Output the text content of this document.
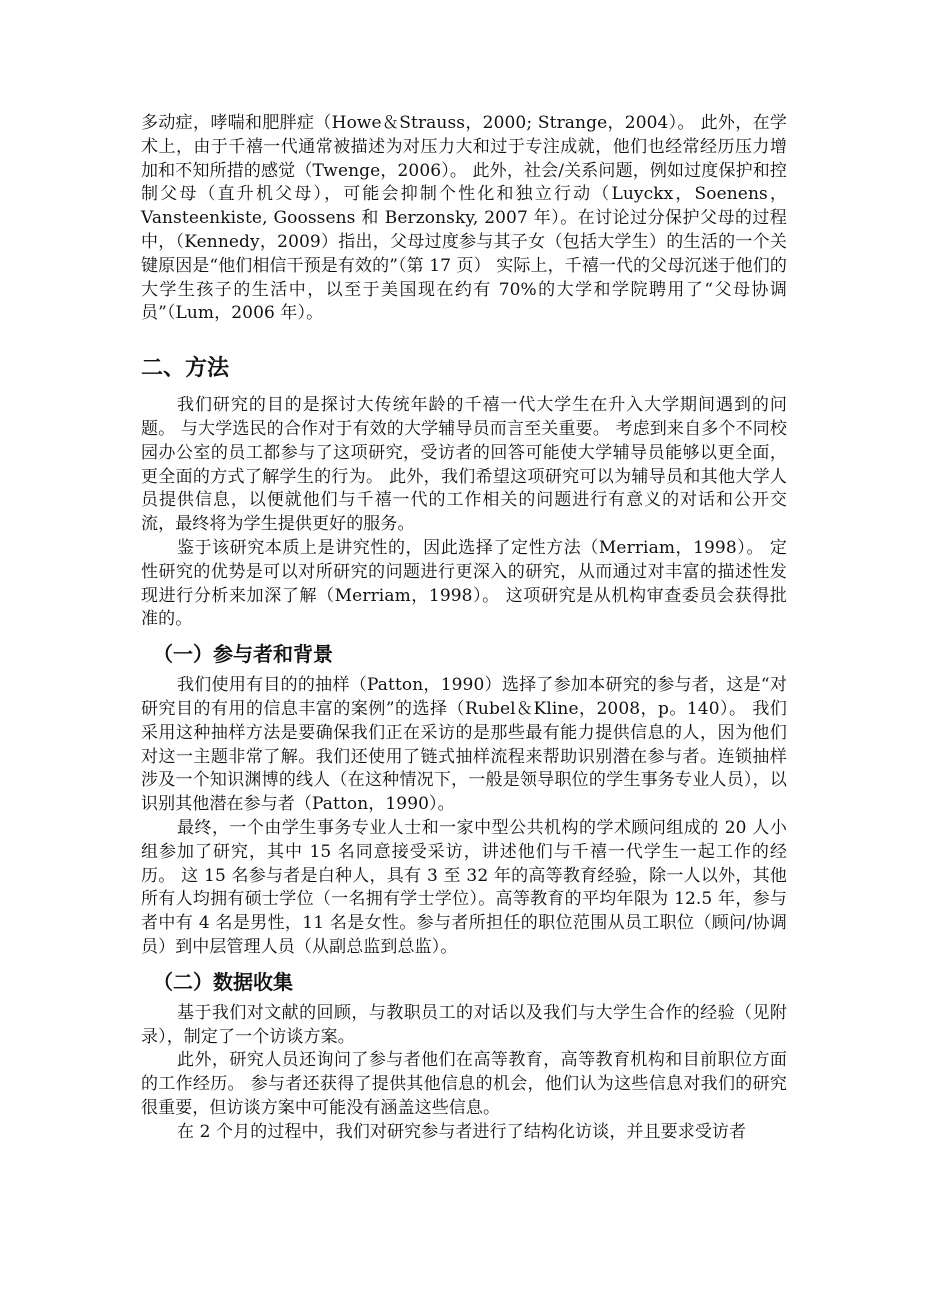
多动症，哮喘和肥胖症（Howe＆Strauss，2000; Strange，2004）。 此外，在学术上，由于千禧一代通常被描述为对压力大和过于专注成就，他们也经常经历压力增加和不知所措的感觉（Twenge，2006）。 此外，社会/关系问题，例如过度保护和控制父母（直升机父母），可能会抑制个性化和独立行动（Luyckx，Soenens，Vansteenkiste, Goossens 和 Berzonsky, 2007 年）。在讨论过分保护父母的过程中，（Kennedy，2009）指出，父母过度参与其子女（包括大学生）的生活的一个关键原因是“他们相信干预是有效的”（第 17 页） 实际上，千禧一代的父母沉迷于他们的大学生孩子的生活中，以至于美国现在约有 70%的大学和学院聘用了“父母协调员”（Lum，2006 年）。

二、方法

我们研究的目的是探讨大传统年龄的千禧一代大学生在升入大学期间遇到的问题。 与大学选民的合作对于有效的大学辅导员而言至关重要。 考虑到来自多个不同校园办公室的员工都参与了这项研究，受访者的回答可能使大学辅导员能够以更全面，更全面的方式了解学生的行为。 此外，我们希望这项研究可以为辅导员和其他大学人员提供信息，以便就他们与千禧一代的工作相关的问题进行有意义的对话和公开交流，最终将为学生提供更好的服务。

鉴于该研究本质上是讲究性的，因此选择了定性方法（Merriam，1998）。 定性研究的优势是可以对所研究的问题进行更深入的研究，从而通过对丰富的描述性发现进行分析来加深了解（Merriam，1998）。 这项研究是从机构审查委员会获得批准的。

（一）参与者和背景

我们使用有目的的抽样（Patton，1990）选择了参加本研究的参与者，这是“对研究目的有用的信息丰富的案例”的选择（Rubel＆Kline，2008，p。140）。 我们采用这种抽样方法是要确保我们正在采访的是那些最有能力提供信息的人，因为他们对这一主题非常了解。我们还使用了链式抽样流程来帮助识别潜在参与者。连锁抽样涉及一个知识渊博的线人（在这种情况下，一般是领导职位的学生事务专业人员），以识别其他潜在参与者（Patton，1990）。

最终，一个由学生事务专业人士和一家中型公共机构的学术顾问组成的 20 人小组参加了研究，其中 15 名同意接受采访，讲述他们与千禧一代学生一起工作的经历。 这 15 名参与者是白种人，具有 3 至 32 年的高等教育经验，除一人以外，其他所有人均拥有硕士学位（一名拥有学士学位）。高等教育的平均年限为 12.5 年，参与者中有 4 名是男性，11 名是女性。参与者所担任的职位范围从员工职位（顾问/协调员）到中层管理人员（从副总监到总监）。

（二）数据收集

基于我们对文献的回顾，与教职员工的对话以及我们与大学生合作的经验（见附录），制定了一个访谈方案。

此外，研究人员还询问了参与者他们在高等教育，高等教育机构和目前职位方面的工作经历。 参与者还获得了提供其他信息的机会，他们认为这些信息对我们的研究很重要，但访谈方案中可能没有涵盖这些信息。

在 2 个月的过程中，我们对研究参与者进行了结构化访谈，并且要求受访者
